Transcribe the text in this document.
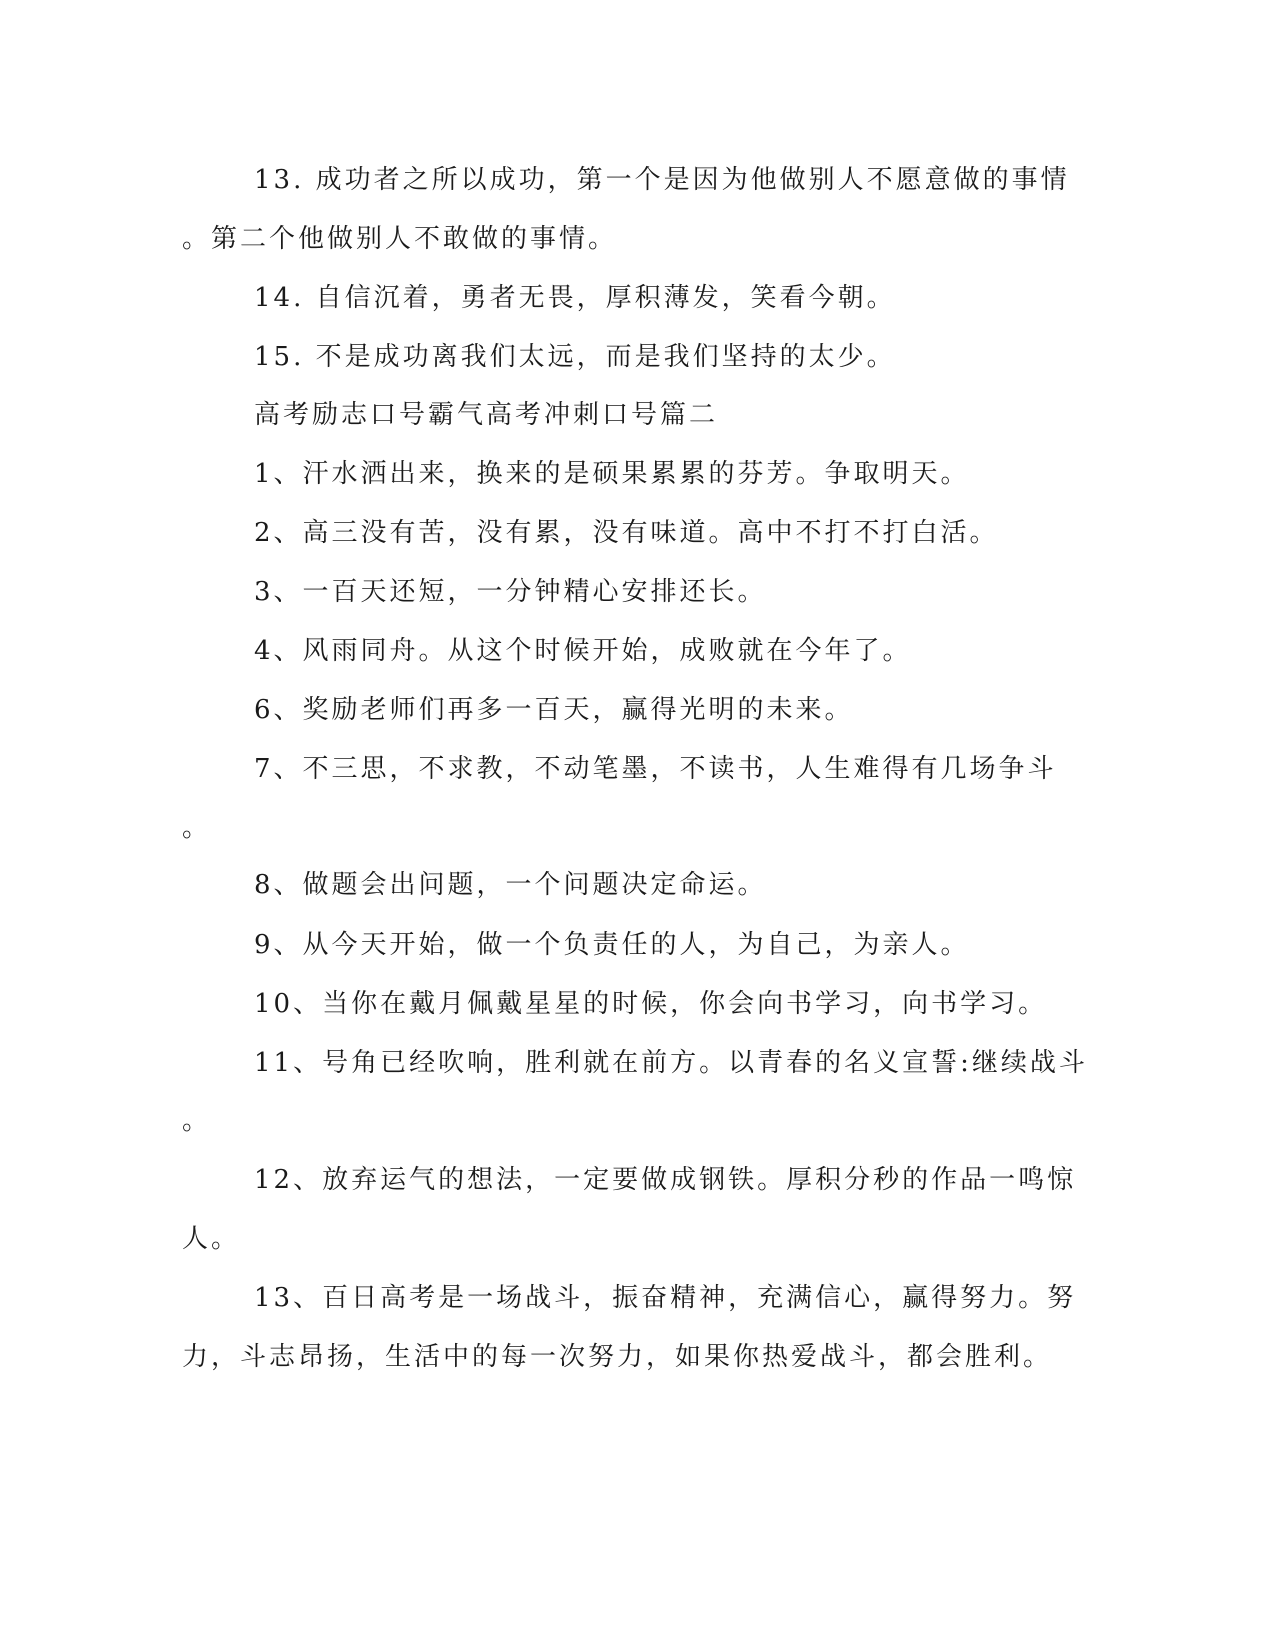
13. 成功者之所以成功，第一个是因为他做别人不愿意做的事情
。第二个他做别人不敢做的事情。
14. 自信沉着，勇者无畏，厚积薄发，笑看今朝。
15. 不是成功离我们太远，而是我们坚持的太少。
高考励志口号霸气高考冲刺口号篇二
1、汗水洒出来，换来的是硕果累累的芬芳。争取明天。
2、高三没有苦，没有累，没有味道。高中不打不打白活。
3、一百天还短，一分钟精心安排还长。
4、风雨同舟。从这个时候开始，成败就在今年了。
6、奖励老师们再多一百天，赢得光明的未来。
7、不三思，不求教，不动笔墨，不读书，人生难得有几场争斗
。
8、做题会出问题，一个问题决定命运。
9、从今天开始，做一个负责任的人，为自己，为亲人。
10、当你在戴月佩戴星星的时候，你会向书学习，向书学习。
11、号角已经吹响，胜利就在前方。以青春的名义宣誓:继续战斗
。
12、放弃运气的想法，一定要做成钢铁。厚积分秒的作品一鸣惊
人。
13、百日高考是一场战斗，振奋精神，充满信心，赢得努力。努
力，斗志昂扬，生活中的每一次努力，如果你热爱战斗，都会胜利。
